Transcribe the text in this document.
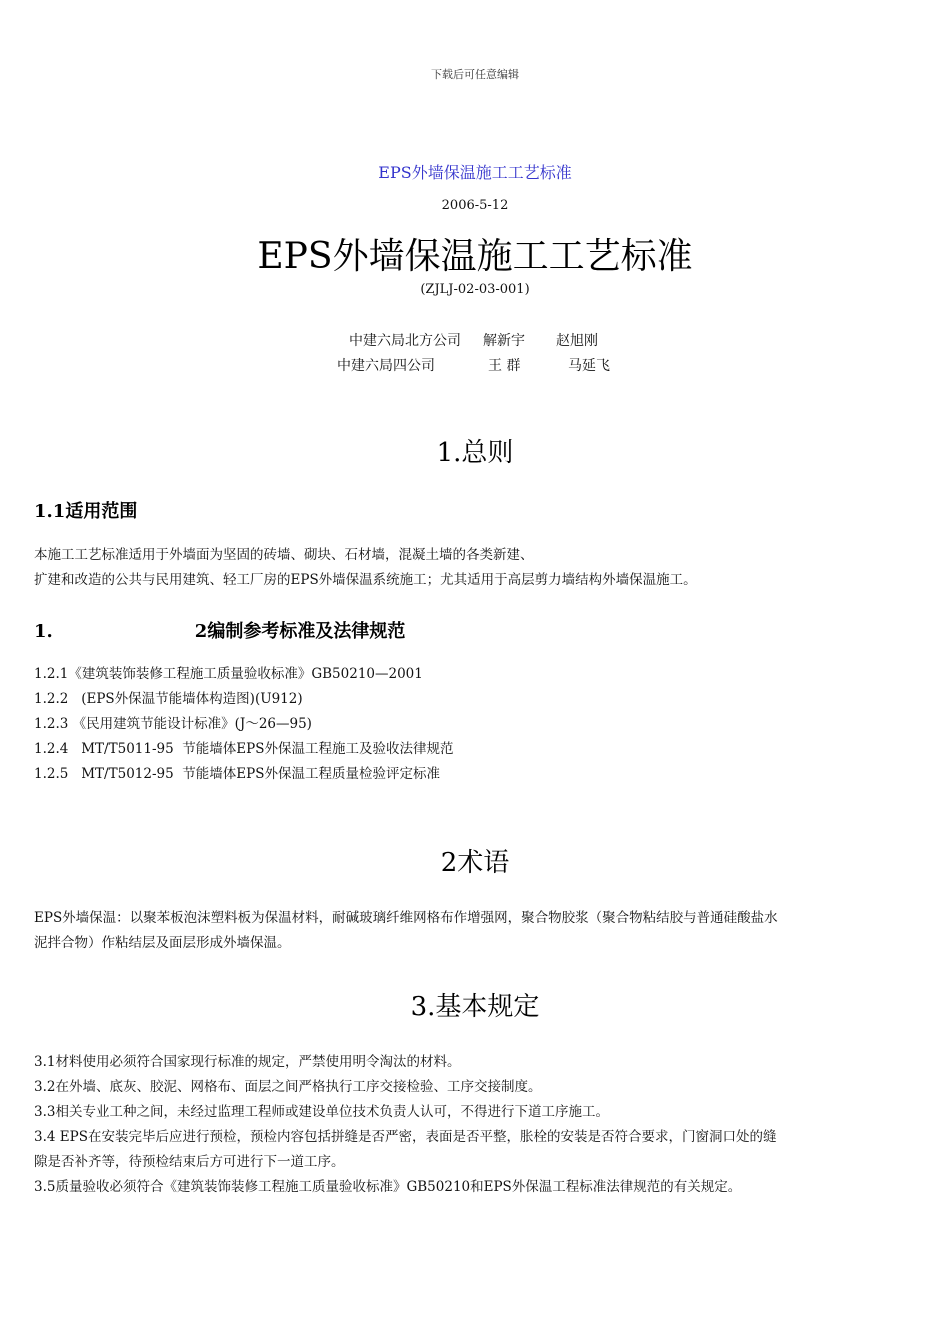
下载后可任意编辑
EPS外墙保温施工工艺标准
2006-5-12
EPS外墙保温施工工艺标准
(ZJLJ-02-03-001)
中建六局北方公司 解新宇 赵旭刚
中建六局四公司	王 群	马延飞
1.总则
1.1适用范围
本施工工艺标准适用于外墙面为坚固的砖墙、砌块、石材墙，混凝土墙的各类新建、
扩建和改造的公共与民用建筑、轻工厂房的EPS外墙保温系统施工；尤其适用于高层剪力墙结构外墙保温施工。
1.	2编制参考标准及法律规范
1.2.1《建筑装饰装修工程施工质量验收标准》GB50210—2001
1.2.2   (EPS外保温节能墙体构造图)(U912)
1.2.3 《民用建筑节能设计标准》(J～26—95)
1.2.4   MT/T5011-95  节能墙体EPS外保温工程施工及验收法律规范
1.2.5   MT/T5012-95  节能墙体EPS外保温工程质量检验评定标准
2术语
EPS外墙保温：以聚苯板泡沫塑料板为保温材料，耐碱玻璃纤维网格布作增强网，聚合物胶浆（聚合物粘结胶与普通硅酸盐水
泥拌合物）作粘结层及面层形成外墙保温。
3.基本规定
3.1材料使用必须符合国家现行标准的规定，严禁使用明令淘汰的材料。
3.2在外墙、底灰、胶泥、网格布、面层之间严格执行工序交接检验、工序交接制度。
3.3相关专业工种之间，未经过监理工程师或建设单位技术负责人认可，不得进行下道工序施工。
3.4 EPS在安装完毕后应进行预检，预检内容包括拼缝是否严密，表面是否平整，胀栓的安装是否符合要求，门窗洞口处的缝
隙是否补齐等，待预检结束后方可进行下一道工序。
3.5质量验收必须符合《建筑装饰装修工程施工质量验收标准》GB50210和EPS外保温工程标准法律规范的有关规定。
